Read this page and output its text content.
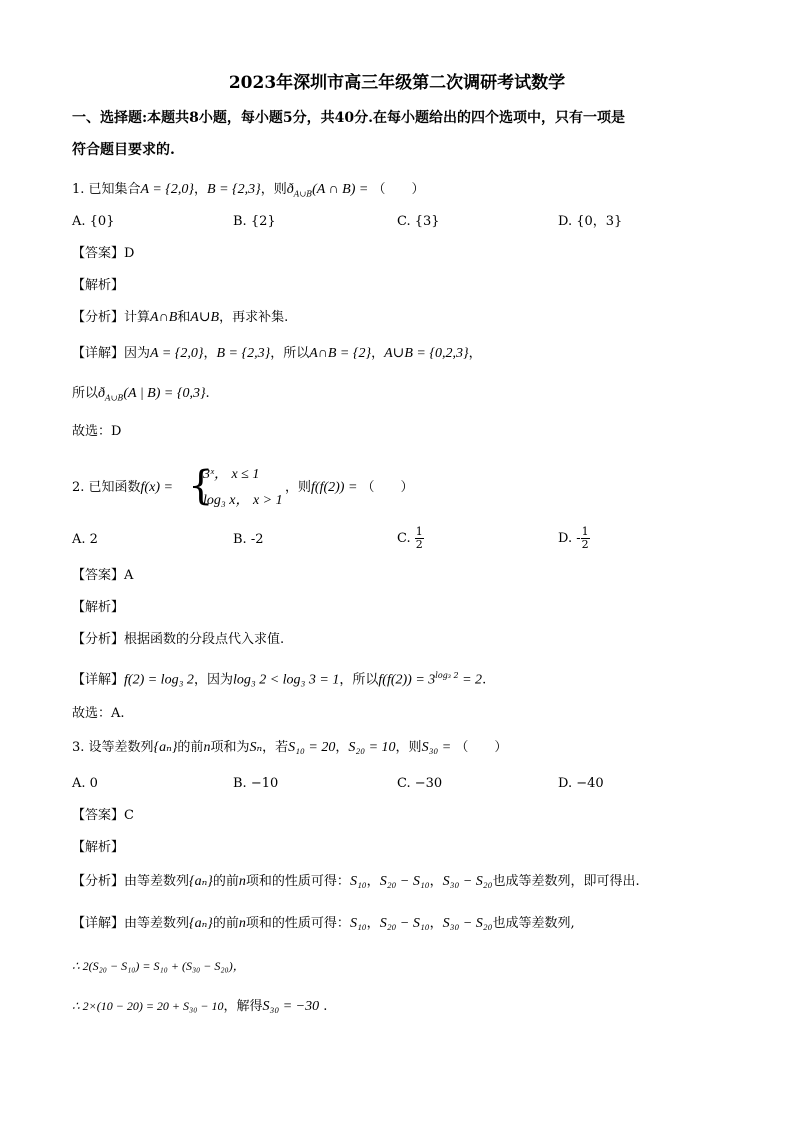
2023年深圳市高三年级第二次调研考试数学
一、选择题:本题共8小题，每小题5分，共40分.在每小题给出的四个选项中，只有一项是
符合题目要求的.
1. 已知集合A = {2,0}，B = {2,3}，则$ð_{A\cup B}(A$ ∩ B) = （　　）
A. {0}	B. {2}	C. {3}	D. {0，3}
【答案】D
【解析】
【分析】计算A∩B和A∪B，再求补集.
【详解】因为A = {2,0}，B = {2,3}，所以A∩B = {2}，A∪B = {0,2,3}，
所以$ð_{A\cup B}(A$ | B) = {0,3}.
故选：D
2. 已知函数f(x) = {
3ˣ， x ≤ 1
log₃ x， x > 1
，则f(f(2)) = （　　）
A. 2	B. -2	C. $\frac{1}{2}$	D. - $\frac{1}{2}$
【答案】A
【解析】
【分析】根据函数的分段点代入求值.
【详解】f(2) = log₃ 2，因为log₃ 2 < log₃ 3 = 1，所以$f(f(2)) = 3^{log_3 2} = 2$.
故选：A.
3. 设等差数列{aₙ}的前n项和为Sₙ，若S₁₀ = 20，S₂₀ = 10，则S₃₀ = （　　）
A. 0	B. −10	C. −30	D. −40
【答案】C
【解析】
【分析】由等差数列{aₙ}的前n项和的性质可得：S₁₀，S₂₀ − S₁₀，S₃₀ − S₂₀也成等差数列，即可得出.
【详解】由等差数列{aₙ}的前n项和的性质可得：S₁₀，S₂₀ − S₁₀，S₃₀ − S₂₀也成等差数列,
∴ 2(S₂₀ − S₁₀) = S₁₀ + (S₃₀ − S₂₀)，
∴ 2×(10 − 20) = 20 + S₃₀ − 10，解得S₃₀ = −30 .
